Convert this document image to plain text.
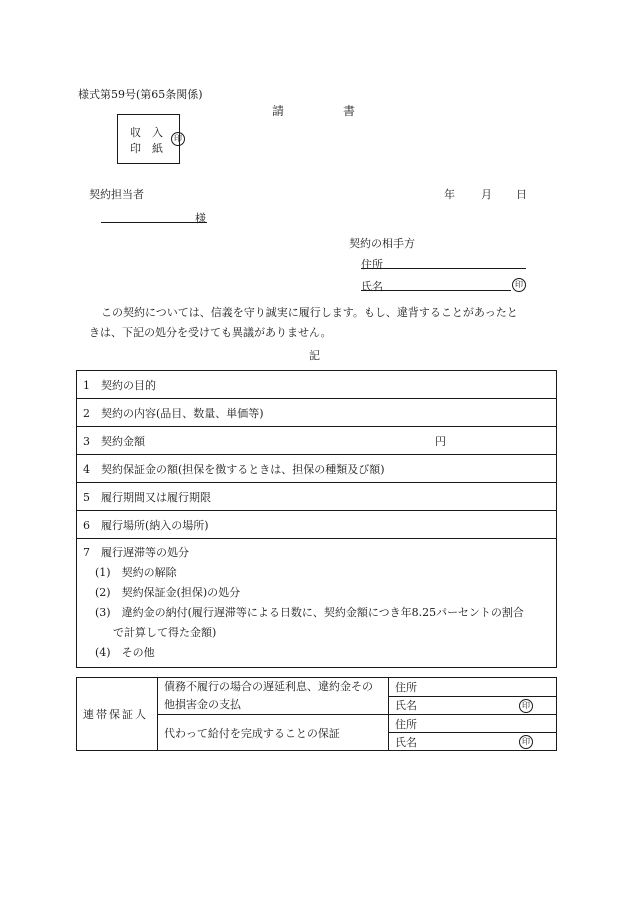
様式第59号(第65条関係)
請	書
収入
印紙
印
契約担当者	年 月 日
様
契約の相手方
住所
氏名	印
この契約については、信義を守り誠実に履行します。もし、違背することがあったと
きは、下記の処分を受けても異議がありません。
記
1　契約の目的
2　契約の内容(品目、数量、単価等)
3　契約金額	円

4　契約保証金の額(担保を徴するときは、担保の種類及び額)
5　履行期間又は履行期限
6　履行場所(納入の場所)

7　履行遅滞等の処分
(1)　契約の解除
(2)　契約保証金(担保)の処分
(3)　違約金の納付(履行遅滞等による日数に、契約金額につき年8.25パーセントの割合
で計算して得た金額)
(4)　その他
連帯保証人	債務不履行の場合の遅延利息、違約金その他損害金の支払	住所
		氏名 印

	代わって給付を完成することの保証	住所
		氏名 印
